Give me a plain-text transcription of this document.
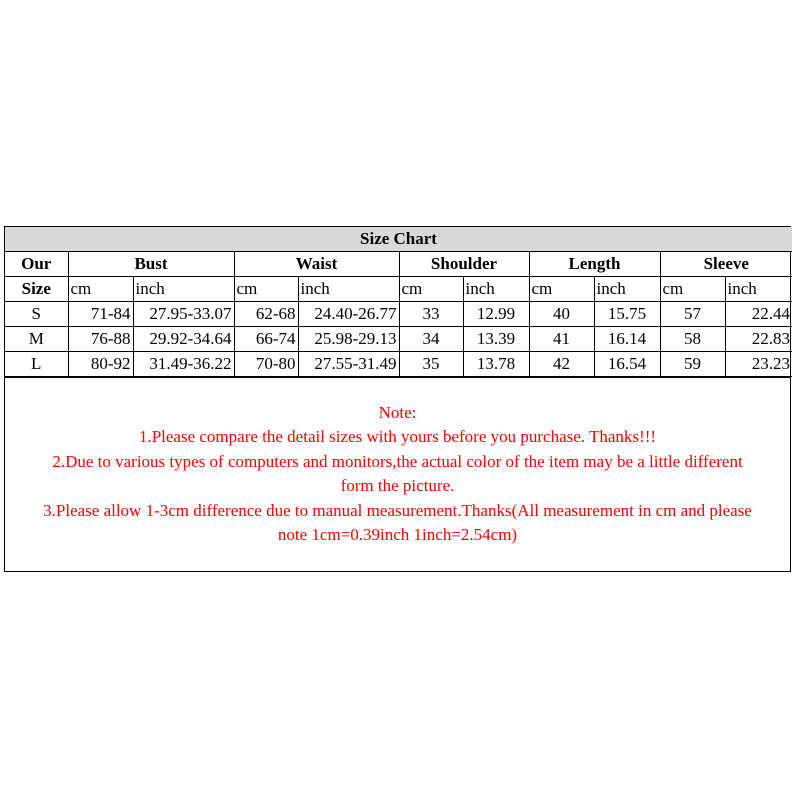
Size Chart										
Our	Bust		Waist		Shoulder		Length		Sleeve	
Size	cm	inch	cm	inch	cm	inch	cm	inch	cm	inch
S	71-84	27.95-33.07	62-68	24.40-26.77	33	12.99	40	15.75	57	22.44
M	76-88	29.92-34.64	66-74	25.98-29.13	34	13.39	41	16.14	58	22.83
L	80-92	31.49-36.22	70-80	27.55-31.49	35	13.78	42	16.54	59	23.23
Note:
1.Please compare the detail sizes with yours before you purchase. Thanks!!!
2.Due to various types of computers and monitors,the actual color of the item may be a little different
form the picture.
3.Please allow 1-3cm difference due to manual measurement.Thanks(All measurement in cm and please
note 1cm=0.39inch 1inch=2.54cm)
